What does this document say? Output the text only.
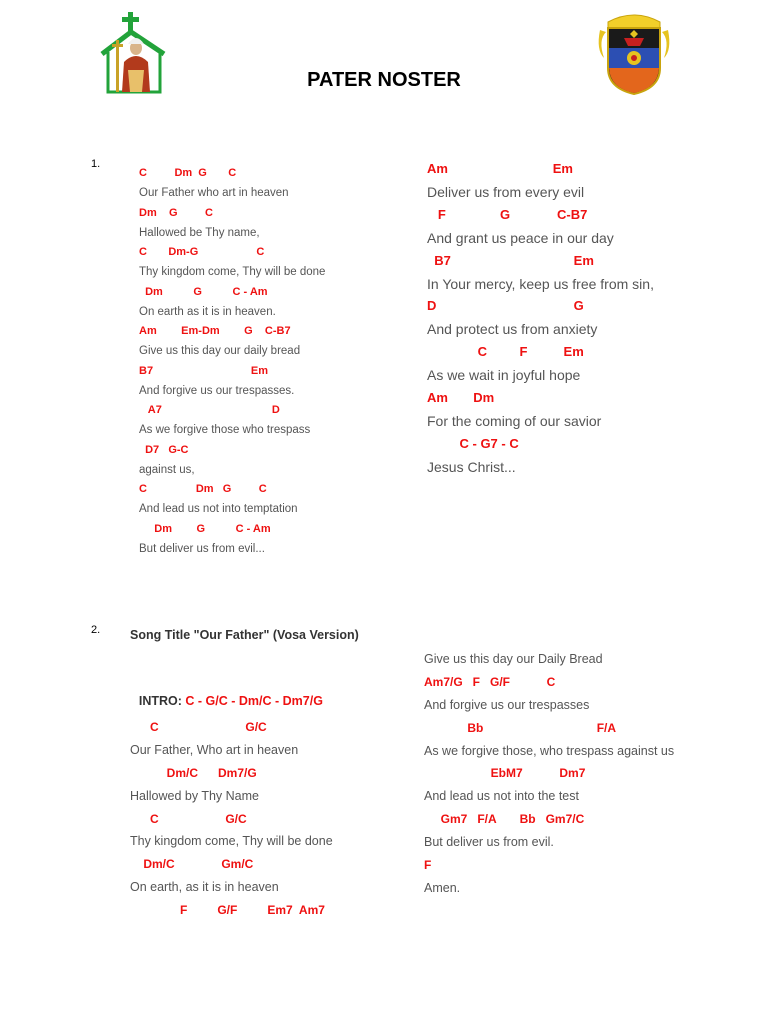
PATER NOSTER
1.
2.
C         Dm  G       C
Our Father who art in heaven
Dm    G         C
Hallowed be Thy name,
C       Dm-G                   C
Thy kingdom come, Thy will be done
Dm          G          C - Am
On earth as it is in heaven.
Am        Em-Dm        G    C-B7
Give us this day our daily bread
B7                                Em
And forgive us our trespasses.
A7                                    D
As we forgive those who trespass
D7   G-C
against us,
C                Dm   G         C
And lead us not into temptation
Dm        G          C - Am
But deliver us from evil...
Am                             Em
Deliver us from every evil
F               G             C-B7
And grant us peace in our day
B7                                  Em
In Your mercy, keep us free from sin,
D                                      G
And protect us from anxiety
C         F          Em
As we wait in joyful hope
Am       Dm
For the coming of our savior
C - G7 - C
Jesus Christ...
Song Title "Our Father" (Vosa Version)

INTRO: C - G/C - Dm/C - Dm7/G

C                          G/C
Our Father, Who art in heaven
Dm/C      Dm7/G
Hallowed by Thy Name
C                    G/C
Thy kingdom come, Thy will be done
Dm/C              Gm/C
On earth, as it is in heaven
F         G/F         Em7  Am7
Give us this day our Daily Bread
Am7/G   F   G/F           C
And forgive us our trespasses
Bb                                  F/A
As we forgive those, who trespass against us
EbM7           Dm7
And lead us not into the test
Gm7   F/A       Bb   Gm7/C
But deliver us from evil.
F
Amen.
